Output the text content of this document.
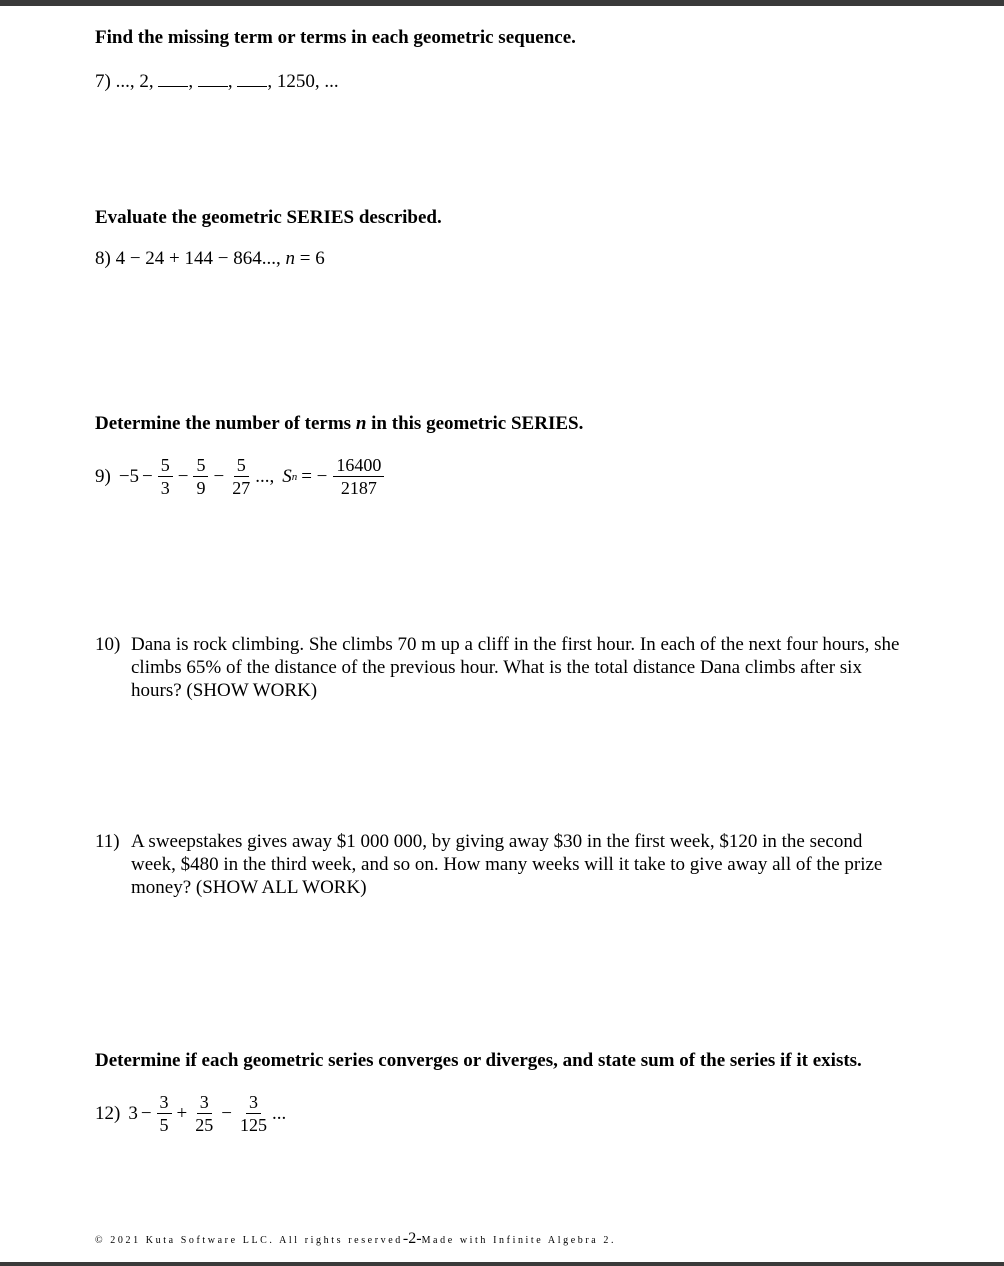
Find the missing term or terms in each geometric sequence.
7) ..., 2, , , , 1250, ...
Evaluate the geometric SERIES described.
8) 4 − 24 + 144 − 864..., n = 6
Determine the number of terms n in this geometric SERIES.
$9) -5 - \frac{5}{3} - \frac{5}{9} - \frac{5}{27}$ ..., S n = − $\frac{16400}{2187}$
10) Dana is rock climbing. She climbs 70 m up a cliff in the first hour. In each of the next four hours, she climbs 65% of the distance of the previous hour. What is the total distance Dana climbs after six hours? (SHOW WORK)
11) A sweepstakes gives away $1 000 000, by giving away $30 in the first week, $120 in the second week, $480 in the third week, and so on. How many weeks will it take to give away all of the prize money? (SHOW ALL WORK)
Determine if each geometric series converges or diverges, and state sum of the series if it exists.
12) $3 - \frac{3}{5} + \frac{3}{25} - \frac{3}{125}$ ...
© 2021 Kuta Software LLC. All rights reserved-2-Made with Infinite Algebra 2.
